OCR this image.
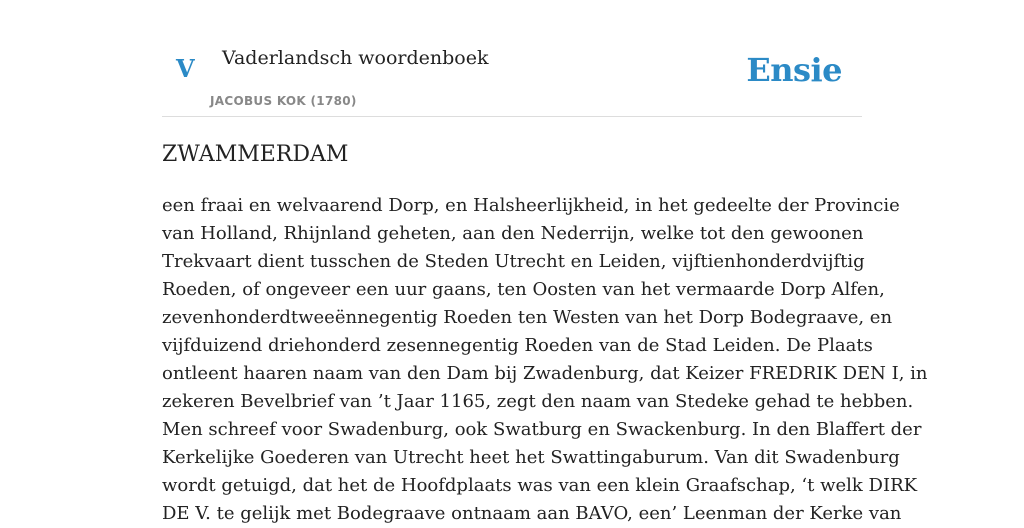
V Vaderlandsch woordenboek
JACOBUS KOK (1780)
Ensie
ZWAMMERDAM
een fraai en welvaarend Dorp, en Halsheerlijkheid, in het gedeelte der Provincie
van Holland, Rhijnland geheten, aan den Nederrijn, welke tot den gewoonen
Trekvaart dient tusschen de Steden Utrecht en Leiden, vijftienhonderdvijftig
Roeden, of ongeveer een uur gaans, ten Oosten van het vermaarde Dorp Alfen,
zevenhonderdtweeënnegentig Roeden ten Westen van het Dorp Bodegraave, en
vijfduizend driehonderd zesennegentig Roeden van de Stad Leiden. De Plaats
ontleent haaren naam van den Dam bij Zwadenburg, dat Keizer FREDRIK DEN I, in
zekeren Bevelbrief van ’t Jaar 1165, zegt den naam van Stedeke gehad te hebben.
Men schreef voor Swadenburg, ook Swatburg en Swackenburg. In den Blaffert der
Kerkelijke Goederen van Utrecht heet het Swattingaburum. Van dit Swadenburg
wordt getuigd, dat het de Hoofdplaats was van een klein Graafschap, ‘t welk DIRK
DE V. te gelijk met Bodegraave ontnaam aan BAVO, een’ Leenman der Kerke van
